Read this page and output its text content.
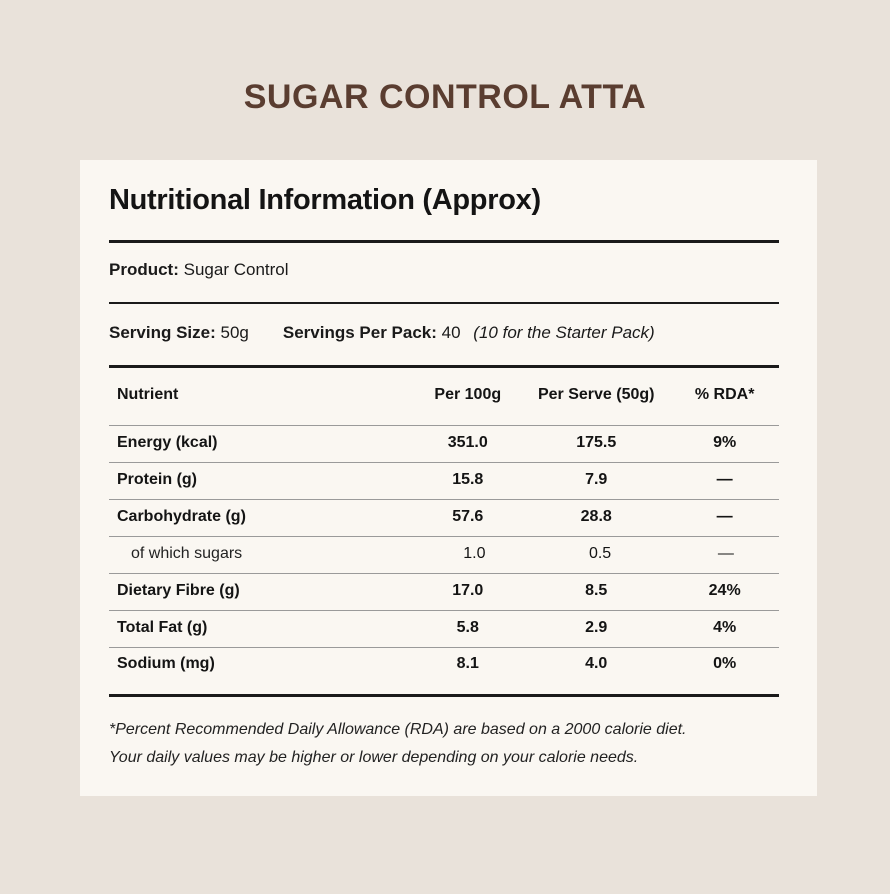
SUGAR CONTROL ATTA
Nutritional Information (Approx)
Product: Sugar Control
Serving Size: 50g Servings Per Pack: 40 (10 for the Starter Pack)
Nutrient	Per 100g	Per Serve (50g)	% RDA*
Energy (kcal)	351.0	175.5	9%
Protein (g)	15.8	7.9	—
Carbohydrate (g)	57.6	28.8	—
of which sugars	1.0	0.5	—
Dietary Fibre (g)	17.0	8.5	24%
Total Fat (g)	5.8	2.9	4%
Sodium (mg)	8.1	4.0	0%
*Percent Recommended Daily Allowance (RDA) are based on a 2000 calorie diet.
Your daily values may be higher or lower depending on your calorie needs.
